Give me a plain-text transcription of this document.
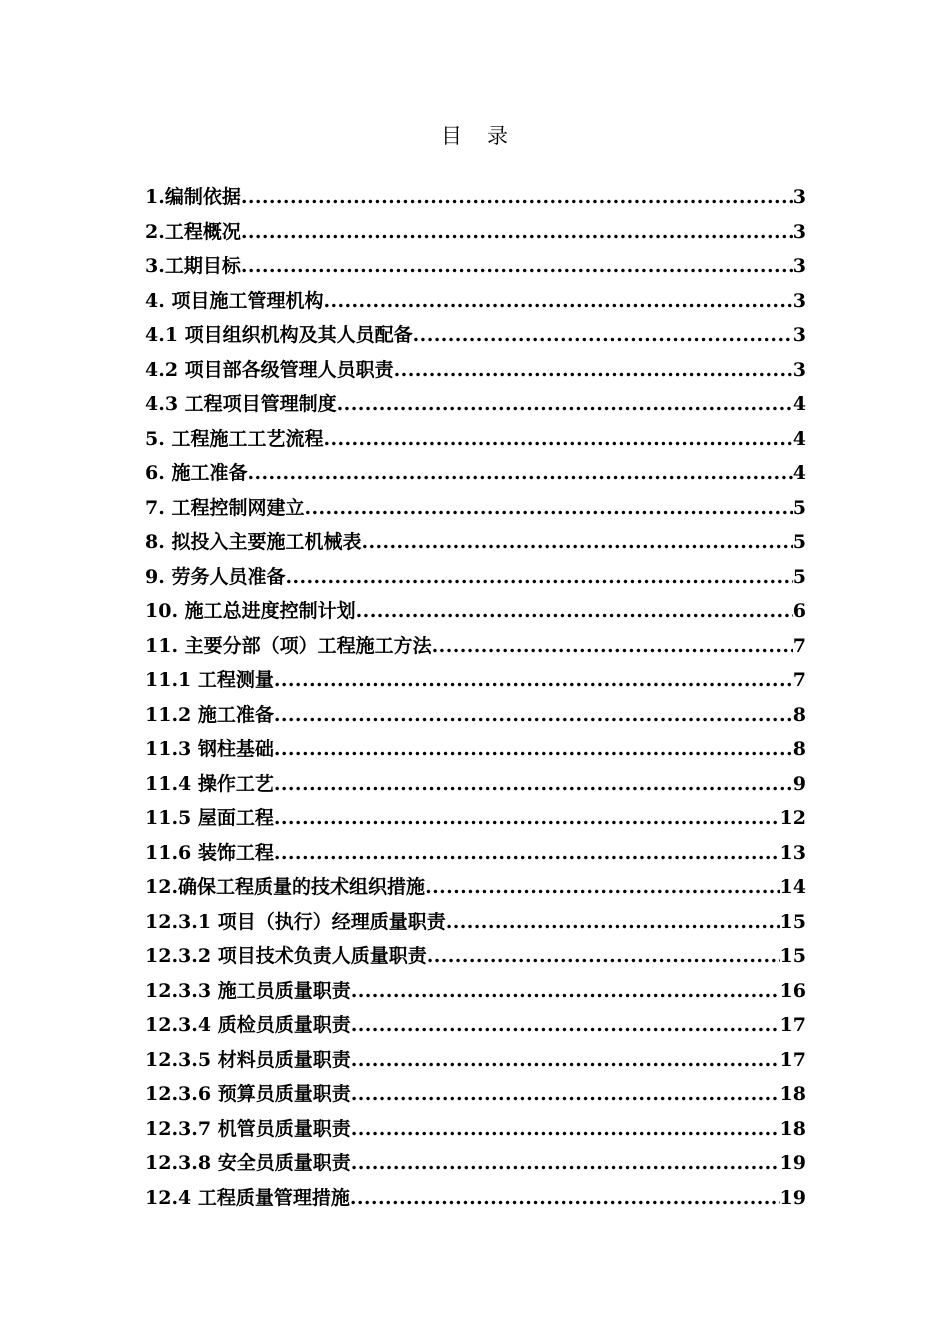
目 录
1.编制依据 .....	3
2.工程概况 .....	3
3.工期目标 .....	3
4. 项目施工管理机构 .....	3
4.1 项目组织机构及其人员配备 .....	3
4.2 项目部各级管理人员职责 .....	3
4.3 工程项目管理制度 .....	4
5. 工程施工工艺流程 .....	4
6. 施工准备 .....	4
7. 工程控制网建立 .....	5
8. 拟投入主要施工机械表 .....	5
9. 劳务人员准备 .....	5
10. 施工总进度控制计划 .....	6
11. 主要分部（项）工程施工方法 .....	7
11.1 工程测量 .....	7
11.2 施工准备 .....	8
11.3 钢柱基础 .....	8
11.4 操作工艺 .....	9
11.5 屋面工程 .....	12
11.6 装饰工程 .....	13
12.确保工程质量的技术组织措施 .....	14
12.3.1 项目（执行）经理质量职责 .....	15
12.3.2 项目技术负责人质量职责 .....	15
12.3.3 施工员质量职责 .....	16
12.3.4 质检员质量职责 .....	17
12.3.5 材料员质量职责 .....	17
12.3.6 预算员质量职责 .....	18
12.3.7 机管员质量职责 .....	18
12.3.8 安全员质量职责 .....	19
12.4 工程质量管理措施 .....	19
